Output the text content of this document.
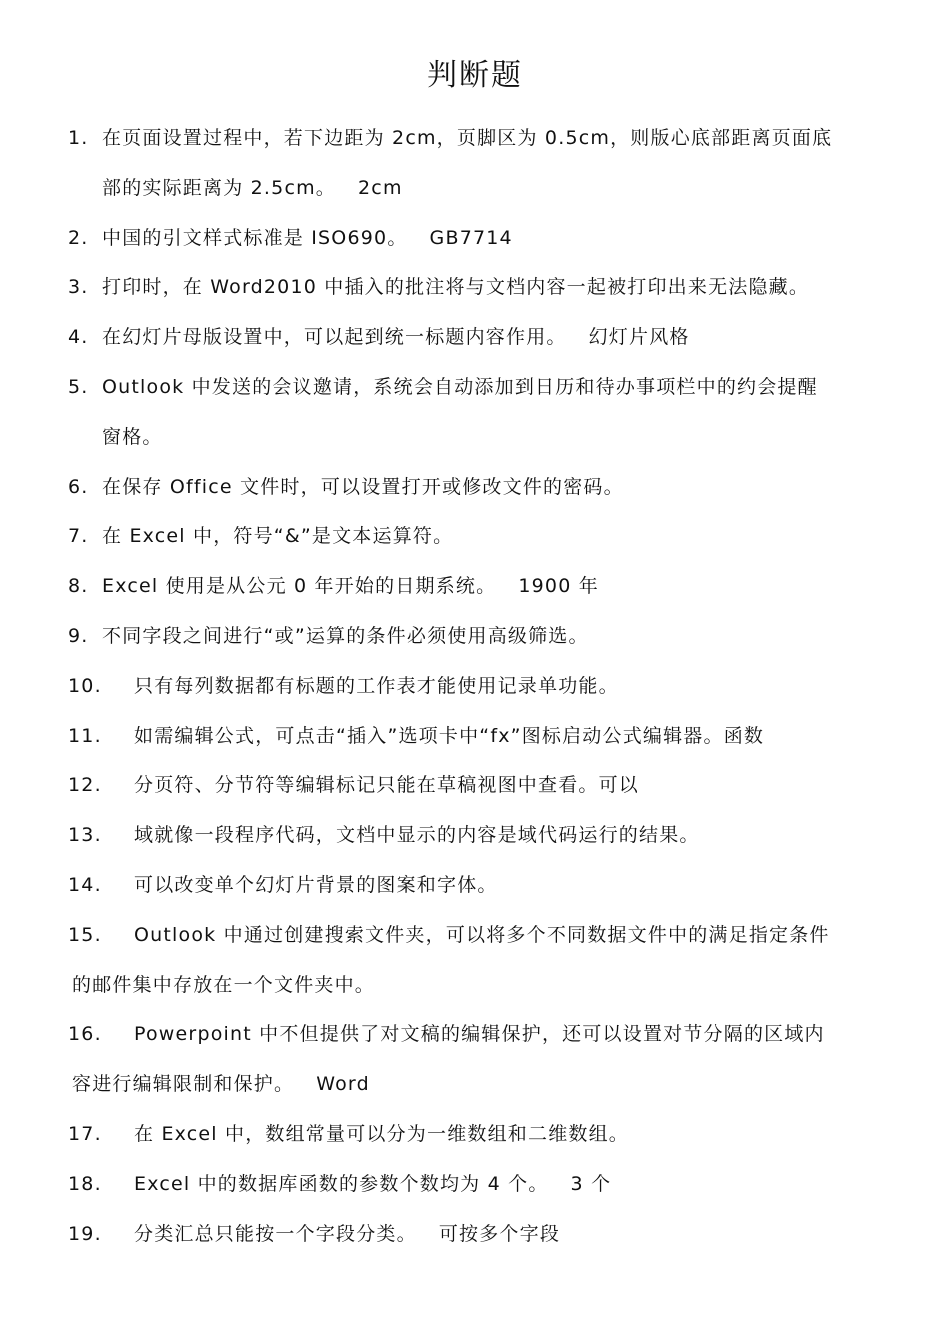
判断题
1. 在页面设置过程中，若下边距为 2cm，页脚区为 0.5cm，则版心底部距离页面底
部的实际距离为 2.5cm。 2cm
2. 中国的引文样式标准是 ISO690。 GB7714
3. 打印时，在 Word2010 中插入的批注将与文档内容一起被打印出来无法隐藏。
4. 在幻灯片母版设置中，可以起到统一标题内容作用。 幻灯片风格
5. Outlook 中发送的会议邀请，系统会自动添加到日历和待办事项栏中的约会提醒
窗格。
6. 在保存 Office 文件时，可以设置打开或修改文件的密码。
7. 在 Excel 中，符号“&”是文本运算符。
8. Excel 使用是从公元 0 年开始的日期系统。 1900 年
9. 不同字段之间进行“或”运算的条件必须使用高级筛选。
10.	只有每列数据都有标题的工作表才能使用记录单功能。
11.	如需编辑公式，可点击“插入”选项卡中“fx”图标启动公式编辑器。函数
12.	分页符、分节符等编辑标记只能在草稿视图中查看。可以
13.	域就像一段程序代码，文档中显示的内容是域代码运行的结果。
14.	可以改变单个幻灯片背景的图案和字体。
15.	Outlook 中通过创建搜索文件夹，可以将多个不同数据文件中的满足指定条件
的邮件集中存放在一个文件夹中。
16.	Powerpoint 中不但提供了对文稿的编辑保护，还可以设置对节分隔的区域内
容进行编辑限制和保护。 Word
17.	在 Excel 中，数组常量可以分为一维数组和二维数组。
18.	Excel 中的数据库函数的参数个数均为 4 个。 3 个
19.	分类汇总只能按一个字段分类。 可按多个字段
